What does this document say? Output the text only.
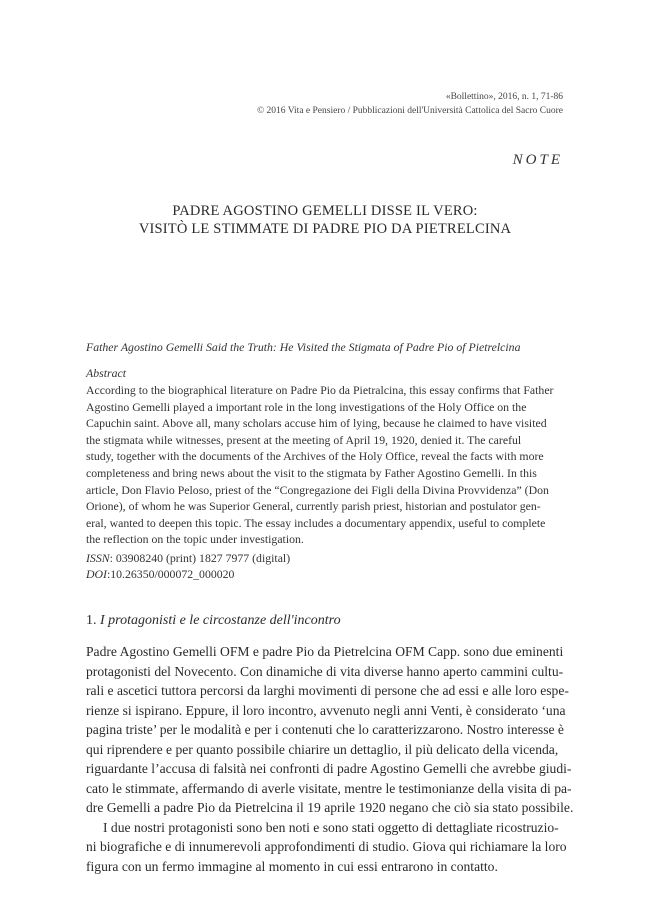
«Bollettino», 2016, n. 1, 71-86
© 2016 Vita e Pensiero / Pubblicazioni dell'Università Cattolica del Sacro Cuore
NOTE
PADRE AGOSTINO GEMELLI DISSE IL VERO:
VISITÒ LE STIMMATE DI PADRE PIO DA PIETRELCINA
Father Agostino Gemelli Said the Truth: He Visited the Stigmata of Padre Pio of Pietrelcina
Abstract
According to the biographical literature on Padre Pio da Pietralcina, this essay confirms that Father
Agostino Gemelli played a important role in the long investigations of the Holy Office on the
Capuchin saint. Above all, many scholars accuse him of lying, because he claimed to have visited
the stigmata while witnesses, present at the meeting of April 19, 1920, denied it. The careful
study, together with the documents of the Archives of the Holy Office, reveal the facts with more
completeness and bring news about the visit to the stigmata by Father Agostino Gemelli. In this
article, Don Flavio Peloso, priest of the “Congregazione dei Figli della Divina Provvidenza” (Don
Orione), of whom he was Superior General, currently parish priest, historian and postulator gen-
eral, wanted to deepen this topic. The essay includes a documentary appendix, useful to complete
the reflection on the topic under investigation.
ISSN: 03908240 (print) 1827 7977 (digital)
DOI:10.26350/000072_000020
1. I protagonisti e le circostanze dell'incontro
Padre Agostino Gemelli OFM e padre Pio da Pietrelcina OFM Capp. sono due eminenti
protagonisti del Novecento. Con dinamiche di vita diverse hanno aperto cammini cultu-
rali e ascetici tuttora percorsi da larghi movimenti di persone che ad essi e alle loro espe-
rienze si ispirano. Eppure, il loro incontro, avvenuto negli anni Venti, è considerato ‘una
pagina triste’ per le modalità e per i contenuti che lo caratterizzarono. Nostro interesse è
qui riprendere e per quanto possibile chiarire un dettaglio, il più delicato della vicenda,
riguardante l’accusa di falsità nei confronti di padre Agostino Gemelli che avrebbe giudi-
cato le stimmate, affermando di averle visitate, mentre le testimonianze della visita di pa-
dre Gemelli a padre Pio da Pietrelcina il 19 aprile 1920 negano che ciò sia stato possibile.
I due nostri protagonisti sono ben noti e sono stati oggetto di dettagliate ricostruzio-
ni biografiche e di innumerevoli approfondimenti di studio. Giova qui richiamare la loro
figura con un fermo immagine al momento in cui essi entrarono in contatto.
